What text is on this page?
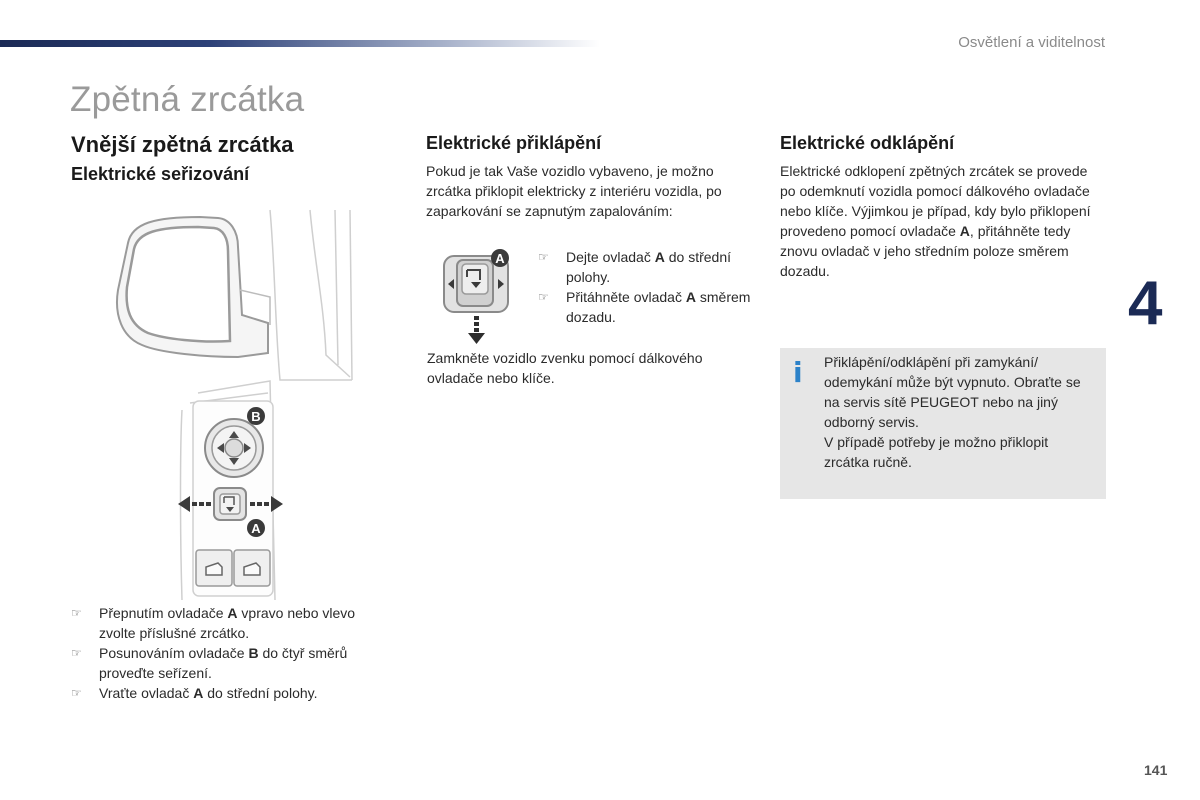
Osvětlení a viditelnost
Zpětná zrcátka
Vnější zpětná zrcátka
Elektrické seřizování
B
A
☞ Přepnutím ovladače A vpravo nebo vlevo zvolte příslušné zrcátko.
☞ Posunováním ovladače B do čtyř směrů proveďte seřízení.
☞ Vraťte ovladač A do střední polohy.
Elektrické přiklápění
Pokud je tak Vaše vozidlo vybaveno, je možno zrcátka přiklopit elektricky z interiéru vozidla, po zaparkování se zapnutým zapalováním:
A	☞ Dejte ovladač A do střední polohy.
☞ Přitáhněte ovladač A směrem dozadu.
Zamkněte vozidlo zvenku pomocí dálkového ovladače nebo klíče.
Elektrické odklápění
Elektrické odklopení zpětných zrcátek se provede po odemknutí vozidla pomocí dálkového ovladače nebo klíče. Výjimkou je případ, kdy bylo přiklopení provedeno pomocí ovladače A, přitáhněte tedy znovu ovladač v jeho středním poloze směrem dozadu.
i Přiklápění/odklápění při zamykání/ odemykání může být vypnuto. Obraťte se na servis sítě PEUGEOT nebo na jiný odborný servis.
V případě potřeby je možno přiklopit zrcátka ručně.
4
141
